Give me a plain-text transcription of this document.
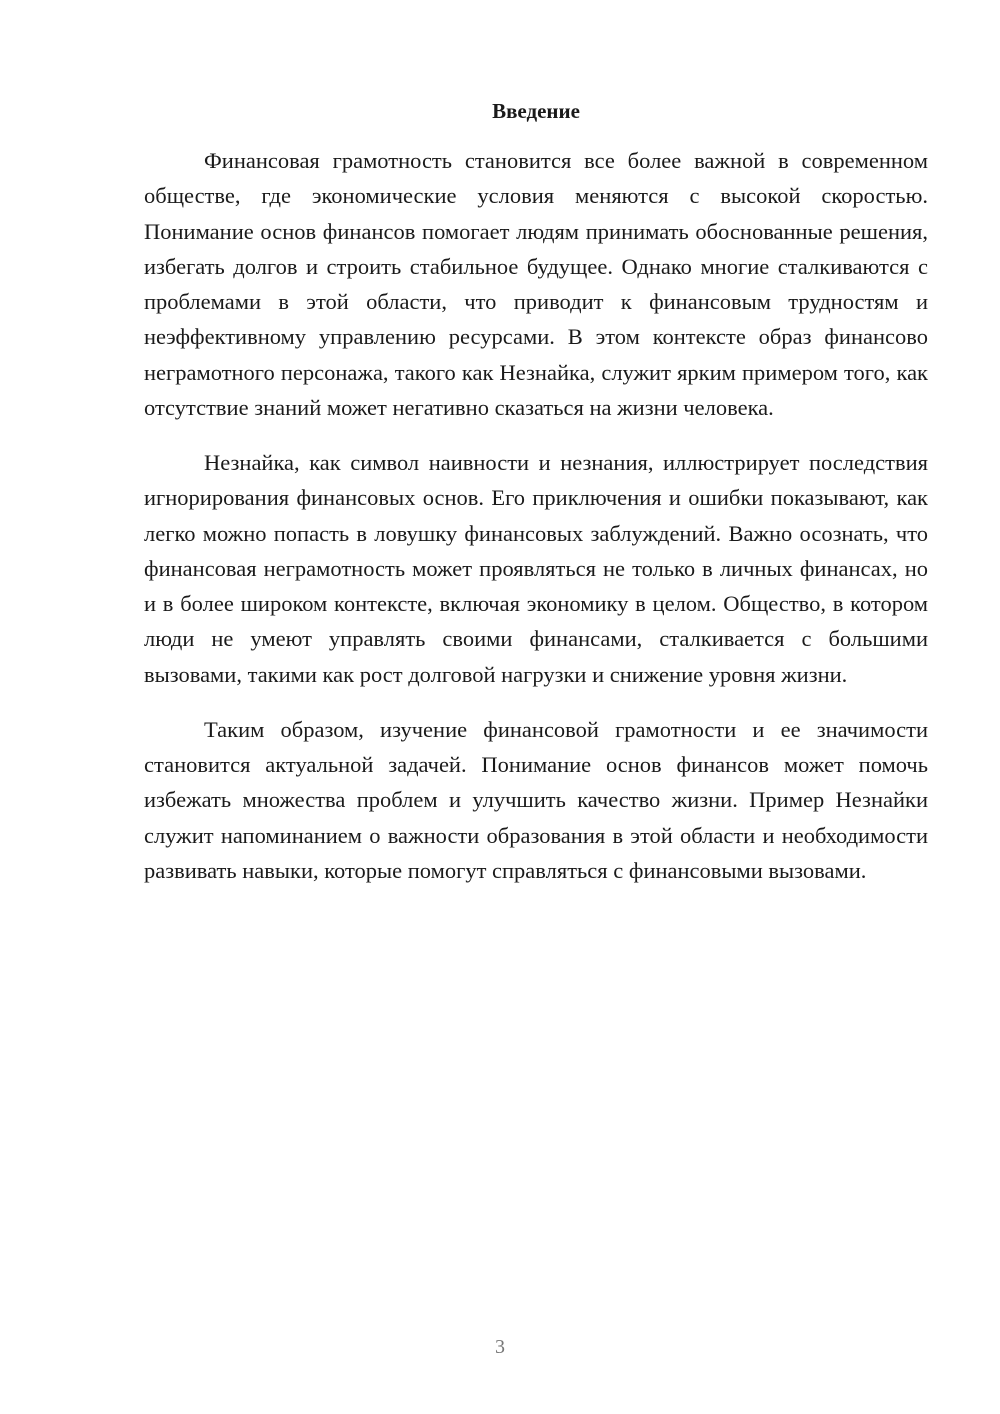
Введение

Финансовая грамотность становится все более важной в современном обществе, где экономические условия меняются с высокой скоростью. Понимание основ финансов помогает людям принимать обоснованные решения, избегать долгов и строить стабильное будущее. Однако многие сталкиваются с проблемами в этой области, что приводит к финансовым трудностям и неэффективному управлению ресурсами. В этом контексте образ финансово неграмотного персонажа, такого как Незнайка, служит ярким примером того, как отсутствие знаний может негативно сказаться на жизни человека.

Незнайка, как символ наивности и незнания, иллюстрирует последствия игнорирования финансовых основ. Его приключения и ошибки показывают, как легко можно попасть в ловушку финансовых заблуждений. Важно осознать, что финансовая неграмотность может проявляться не только в личных финансах, но и в более широком контексте, включая экономику в целом. Общество, в котором люди не умеют управлять своими финансами, сталкивается с большими вызовами, такими как рост долговой нагрузки и снижение уровня жизни.

Таким образом, изучение финансовой грамотности и ее значимости становится актуальной задачей. Понимание основ финансов может помочь избежать множества проблем и улучшить качество жизни. Пример Незнайки служит напоминанием о важности образования в этой области и необходимости развивать навыки, которые помогут справляться с финансовыми вызовами.

3
